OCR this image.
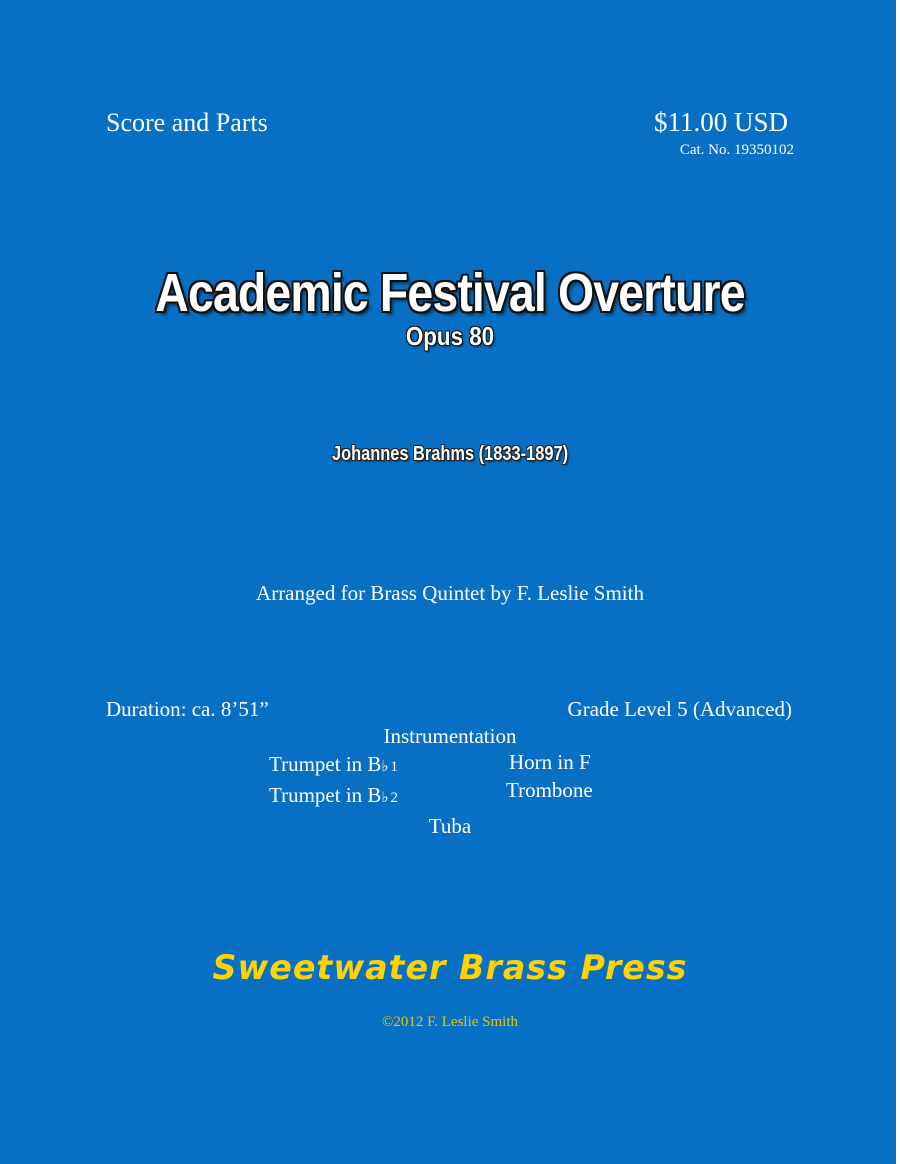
Score and Parts	$11.00 USD
Cat. No. 19350102
Academic Festival Overture
Opus 80
Johannes Brahms (1833-1897)
Arranged for Brass Quintet by F. Leslie Smith
Duration: ca. 8’51”	Grade Level 5 (Advanced)
Instrumentation
Trumpet in B♭ 1
Trumpet in B♭ 2
Horn in F
Trombone
Tuba
Sweetwater Brass Press
©2012 F. Leslie Smith
